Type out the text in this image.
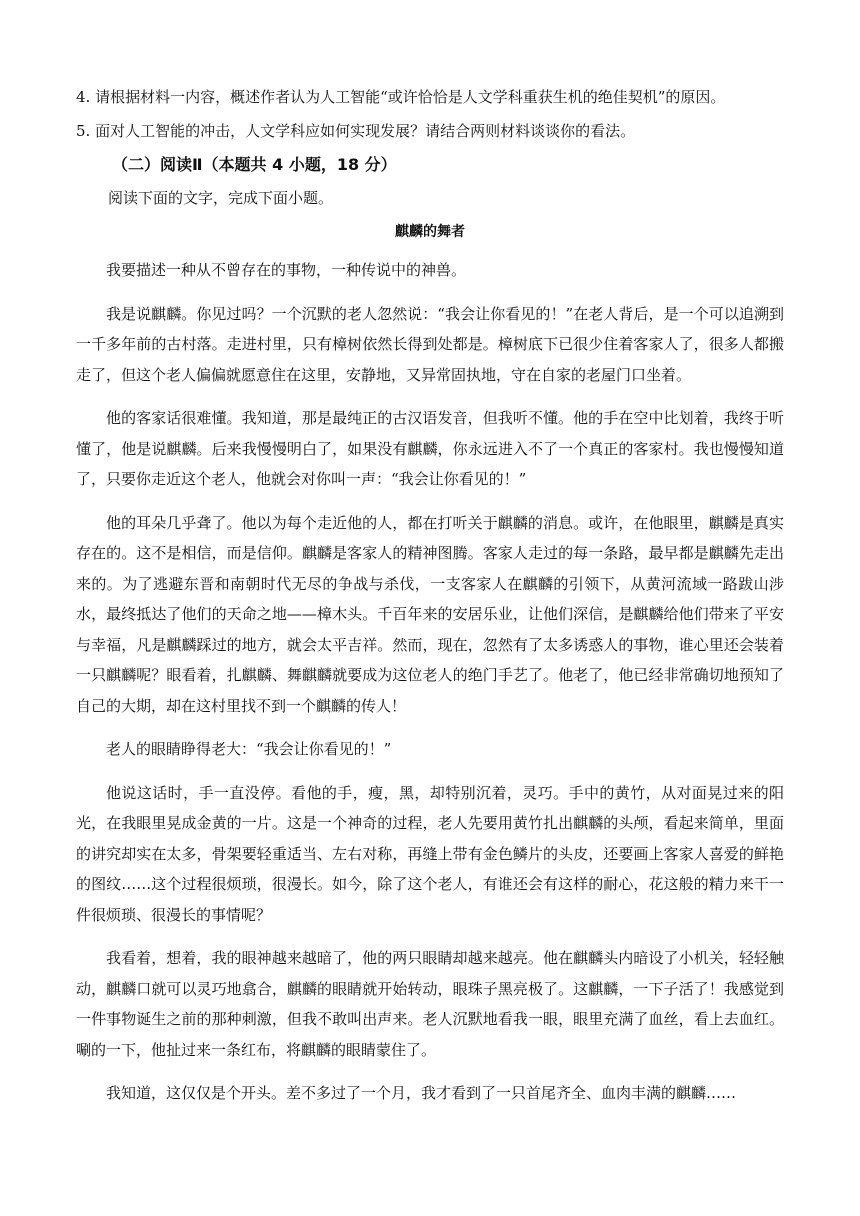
4. 请根据材料一内容，概述作者认为人工智能“或许恰恰是人文学科重获生机的绝佳契机”的原因。

5. 面对人工智能的冲击，人文学科应如何实现发展？请结合两则材料谈谈你的看法。

（二）阅读Ⅱ（本题共 4 小题，18 分）

阅读下面的文字，完成下面小题。

麒麟的舞者

我要描述一种从不曾存在的事物，一种传说中的神兽。

我是说麒麟。你见过吗？一个沉默的老人忽然说：“我会让你看见的！”在老人背后，是一个可以追溯到一千多年前的古村落。走进村里，只有樟树依然长得到处都是。樟树底下已很少住着客家人了，很多人都搬走了，但这个老人偏偏就愿意住在这里，安静地，又异常固执地，守在自家的老屋门口坐着。

他的客家话很难懂。我知道，那是最纯正的古汉语发音，但我听不懂。他的手在空中比划着，我终于听懂了，他是说麒麟。后来我慢慢明白了，如果没有麒麟，你永远进入不了一个真正的客家村。我也慢慢知道了，只要你走近这个老人，他就会对你叫一声：“我会让你看见的！”

他的耳朵几乎聋了。他以为每个走近他的人，都在打听关于麒麟的消息。或许，在他眼里，麒麟是真实存在的。这不是相信，而是信仰。麒麟是客家人的精神图腾。客家人走过的每一条路，最早都是麒麟先走出来的。为了逃避东晋和南朝时代无尽的争战与杀伐，一支客家人在麒麟的引领下，从黄河流域一路跋山涉水，最终抵达了他们的天命之地——樟木头。千百年来的安居乐业，让他们深信，是麒麟给他们带来了平安与幸福，凡是麒麟踩过的地方，就会太平吉祥。然而，现在，忽然有了太多诱惑人的事物，谁心里还会装着一只麒麟呢？眼看着，扎麒麟、舞麒麟就要成为这位老人的绝门手艺了。他老了，他已经非常确切地预知了自己的大期，却在这村里找不到一个麒麟的传人！

老人的眼睛睁得老大：“我会让你看见的！”

他说这话时，手一直没停。看他的手，瘦，黑，却特别沉着，灵巧。手中的黄竹，从对面晃过来的阳光，在我眼里晃成金黄的一片。这是一个神奇的过程，老人先要用黄竹扎出麒麟的头颅，看起来简单，里面的讲究却实在太多，骨架要轻重适当、左右对称，再缝上带有金色鳞片的头皮，还要画上客家人喜爱的鲜艳的图纹……这个过程很烦琐，很漫长。如今，除了这个老人，有谁还会有这样的耐心，花这般的精力来干一件很烦琐、很漫长的事情呢？

我看着，想着，我的眼神越来越暗了，他的两只眼睛却越来越亮。他在麒麟头内暗设了小机关，轻轻触动，麒麟口就可以灵巧地翕合，麒麟的眼睛就开始转动，眼珠子黑亮极了。这麒麟，一下子活了！我感觉到一件事物诞生之前的那种刺激，但我不敢叫出声来。老人沉默地看我一眼，眼里充满了血丝，看上去血红。唰的一下，他扯过来一条红布，将麒麟的眼睛蒙住了。

我知道，这仅仅是个开头。差不多过了一个月，我才看到了一只首尾齐全、血肉丰满的麒麟……
